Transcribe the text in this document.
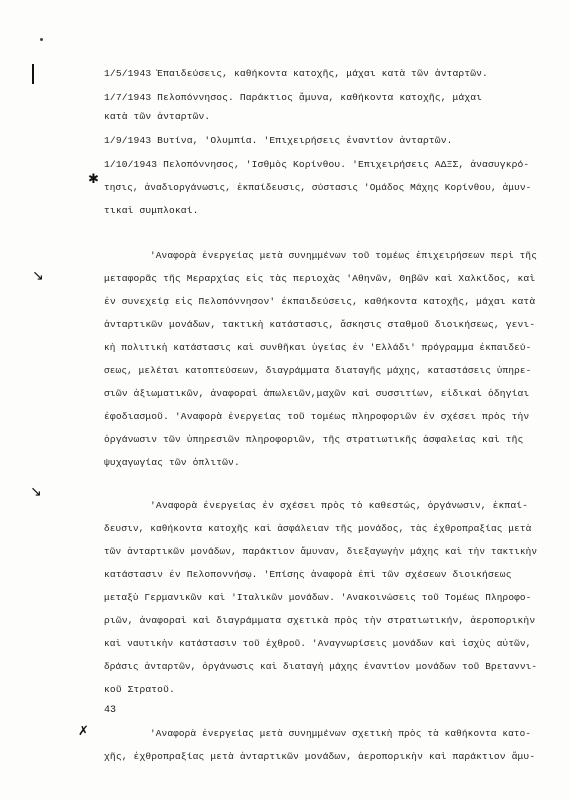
✱
↘
↘
✗
1/5/1943 Ἐπαιδεύσεις, καθήκοντα κατοχῆς, μάχαι κατὰ τῶν ἀνταρτῶν.
1/7/1943 Πελοπόννησος. Παράκτιος ἄμυνα, καθήκοντα κατοχῆς, μάχαι
κατὰ τῶν ἀνταρτῶν.
1/9/1943 Βυτίνα, 'Ολυμπία. 'Επιχειρήσεις ἐναντίον ἀνταρτῶν.
1/10/1943 Πελοπόννησος, 'Ισθμὸς Κορίνθου. 'Επιχειρήσεις ΑΔΞΣ, ἀνασυγκρό-
τησις, ἀναδιοργάνωσις, ἐκπαίδευσις, σύστασις 'Ομάδος Μάχης Κορίνθου, ἀμυν-
τικαὶ συμπλοκαί.
'Αναφορὰ ἐνεργείας μετὰ συνημμένων τοῦ τομέως ἐπιχειρήσεων περὶ τῆς
μεταφορᾶς τῆς Μεραρχίας εἰς τὰς περιοχὰς 'Αθηνῶν, Θηβῶν καὶ Χαλκίδος, καὶ
ἐν συνεχείᾳ εἰς Πελοπόννησον' ἐκπαιδεύσεις, καθήκοντα κατοχῆς, μάχαι κατὰ
ἀνταρτικῶν μονάδων, τακτικὴ κατάστασις, ἄσκησις σταθμοῦ διοικήσεως, γενι-
κὴ πολιτικὴ κατάστασις καὶ συνθῆκαι ὑγείας ἐν 'Ελλάδι' πρόγραμμα ἐκπαιδεύ-
σεως, μελέται κατοπτεύσεων, διαγράμματα διαταγῆς μάχης, καταστάσεις ὑπηρε-
σιῶν ἀξιωματικῶν, ἀναφοραὶ ἀπωλειῶν,μαχῶν καὶ συσσιτίων, εἰδικαὶ ὁδηγίαι
ἐφοδιασμοῦ. 'Αναφορὰ ἐνεργείας τοῦ τομέως πληροφοριῶν ἐν σχέσει πρὸς τὴν
ὀργάνωσιν τῶν ὑπηρεσιῶν πληροφοριῶν, τῆς στρατιωτικῆς ἀσφαλείας καὶ τῆς
ψυχαγωγίας τῶν ὁπλιτῶν.
'Αναφορὰ ἐνεργείας ἐν σχέσει πρὸς τὸ καθεστώς, ὀργάνωσιν, ἐκπαί-
δευσιν, καθήκοντα κατοχῆς καὶ ἀσφάλειαν τῆς μονάδος, τὰς ἐχθροπραξίας μετὰ
τῶν ἀνταρτικῶν μονάδων, παράκτιον ἄμυναν, διεξαγωγὴν μάχης καὶ τὴν τακτικὴν
κατάστασιν ἐν Πελοποννήσῳ. 'Επίσης ἀναφορὰ ἐπὶ τῶν σχέσεων διοικήσεως
μεταξὺ Γερμανικῶν καὶ 'Ιταλικῶν μονάδων. 'Ανακοινώσεις τοῦ Τομέως Πληροφο-
ριῶν, ἀναφοραὶ καὶ διαγράμματα σχετικὰ πρὸς τὴν στρατιωτικήν, ἀεροπορικὴν
καὶ ναυτικὴν κατάστασιν τοῦ ἐχθροῦ. 'Αναγνωρίσεις μονάδων καὶ ἰσχὺς αὐτῶν,
δράσις ἀνταρτῶν, ὀργάνωσις καὶ διαταγὴ μάχης ἐναντίον μονάδων τοῦ Βρεταννι-
κοῦ Στρατοῦ.
43
'Αναφορὰ ἐνεργείας μετὰ συνημμένων σχετικὴ πρὸς τὰ καθήκοντα κατο-
χῆς, ἐχθροπραξίας μετὰ ἀνταρτικῶν μονάδων, ἀεροπορικὴν καὶ παράκτιον ἄμυ-
